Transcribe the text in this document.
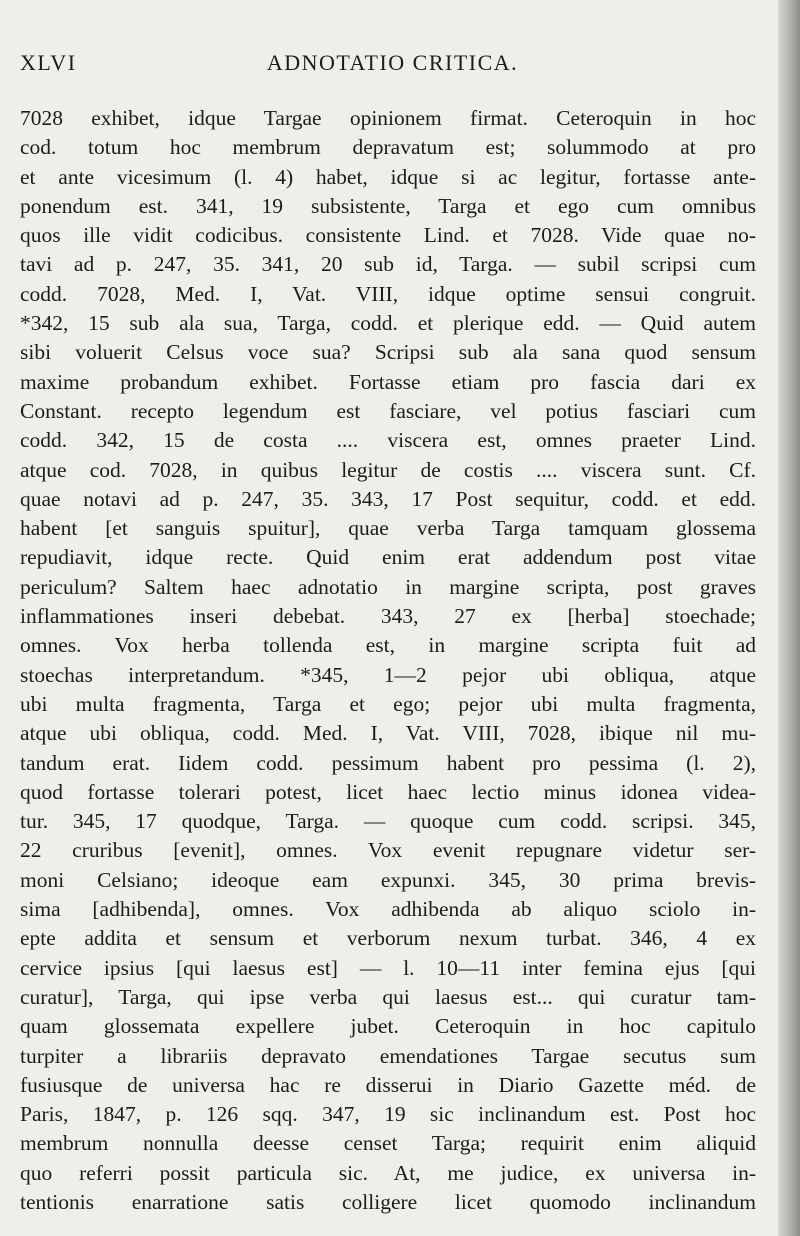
XLVI	ADNOTATIO CRITICA.
7028 exhibet, idque Targae opinionem firmat. Ceteroquin in hoc
cod. totum hoc membrum depravatum est; solummodo at pro
et ante vicesimum (l. 4) habet, idque si ac legitur, fortasse ante-
ponendum est. 341, 19 subsistente, Targa et ego cum omnibus
quos ille vidit codicibus. consistente Lind. et 7028. Vide quae no-
tavi ad p. 247, 35. 341, 20 sub id, Targa. — subil scripsi cum
codd. 7028, Med. I, Vat. VIII, idque optime sensui congruit.
*342, 15 sub ala sua, Targa, codd. et plerique edd. — Quid autem
sibi voluerit Celsus voce sua? Scripsi sub ala sana quod sensum
maxime probandum exhibet. Fortasse etiam pro fascia dari ex
Constant. recepto legendum est fasciare, vel potius fasciari cum
codd. 342, 15 de costa .... viscera est, omnes praeter Lind.
atque cod. 7028, in quibus legitur de costis .... viscera sunt. Cf.
quae notavi ad p. 247, 35. 343, 17 Post sequitur, codd. et edd.
habent [et sanguis spuitur], quae verba Targa tamquam glossema
repudiavit, idque recte. Quid enim erat addendum post vitae
periculum? Saltem haec adnotatio in margine scripta, post graves
inflammationes inseri debebat. 343, 27 ex [herba] stoechade;
omnes. Vox herba tollenda est, in margine scripta fuit ad
stoechas interpretandum. *345, 1—2 pejor ubi obliqua, atque
ubi multa fragmenta, Targa et ego; pejor ubi multa fragmenta,
atque ubi obliqua, codd. Med. I, Vat. VIII, 7028, ibique nil mu-
tandum erat. Iidem codd. pessimum habent pro pessima (l. 2),
quod fortasse tolerari potest, licet haec lectio minus idonea videa-
tur. 345, 17 quodque, Targa. — quoque cum codd. scripsi. 345,
22 cruribus [evenit], omnes. Vox evenit repugnare videtur ser-
moni Celsiano; ideoque eam expunxi. 345, 30 prima brevis-
sima [adhibenda], omnes. Vox adhibenda ab aliquo sciolo in-
epte addita et sensum et verborum nexum turbat. 346, 4 ex
cervice ipsius [qui laesus est] — l. 10—11 inter femina ejus [qui
curatur], Targa, qui ipse verba qui laesus est... qui curatur tam-
quam glossemata expellere jubet. Ceteroquin in hoc capitulo
turpiter a librariis depravato emendationes Targae secutus sum
fusiusque de universa hac re disserui in Diario Gazette méd. de
Paris, 1847, p. 126 sqq. 347, 19 sic inclinandum est. Post hoc
membrum nonnulla deesse censet Targa; requirit enim aliquid
quo referri possit particula sic. At, me judice, ex universa in-
tentionis enarratione satis colligere licet quomodo inclinandum
